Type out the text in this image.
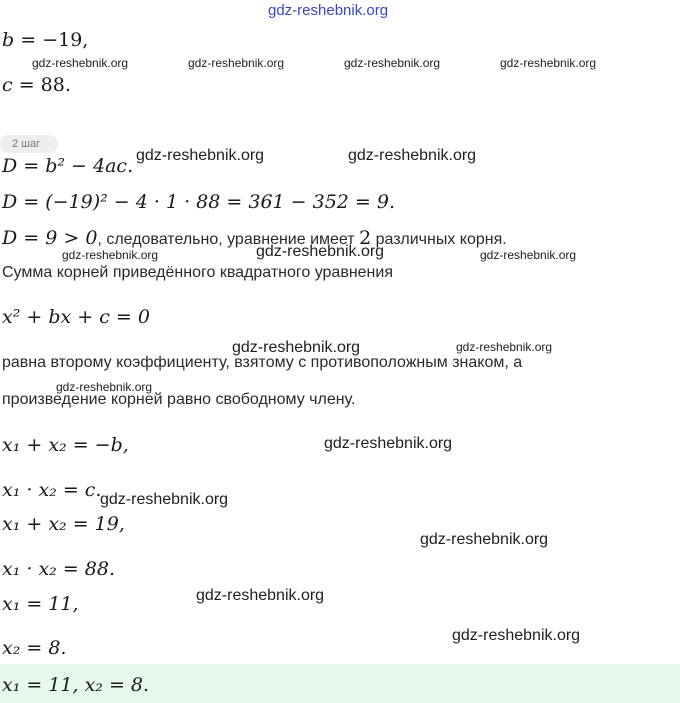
gdz-reshebnik.org
b = −19,
gdz-reshebnik.org	gdz-reshebnik.org	gdz-reshebnik.org	gdz-reshebnik.org
c = 88.
2 шаг
D = b² − 4ac. gdz-reshebnik.org	gdz-reshebnik.org
D = (−19)² − 4 · 1 · 88 = 361 − 352 = 9.
D = 9 > 0, следовательно, уравнение имеет 2 различных корня.
gdz-reshebnik.org	gdz-reshebnik.org	gdz-reshebnik.org
Сумма корней приведённого квадратного уравнения
x² + bx + c = 0
gdz-reshebnik.org	gdz-reshebnik.org
равна второму коэффициенту, взятому с противоположным знаком, а
gdz-reshebnik.org
произведение корней равно свободному члену.
x₁ + x₂ = −b,	gdz-reshebnik.org
x₁ · x₂ = c.
gdz-reshebnik.org
x₁ + x₂ = 19,
gdz-reshebnik.org
x₁ · x₂ = 88.
x₁ = 11,	gdz-reshebnik.org
x₂ = 8.
gdz-reshebnik.org
x₁ = 11, x₂ = 8.
